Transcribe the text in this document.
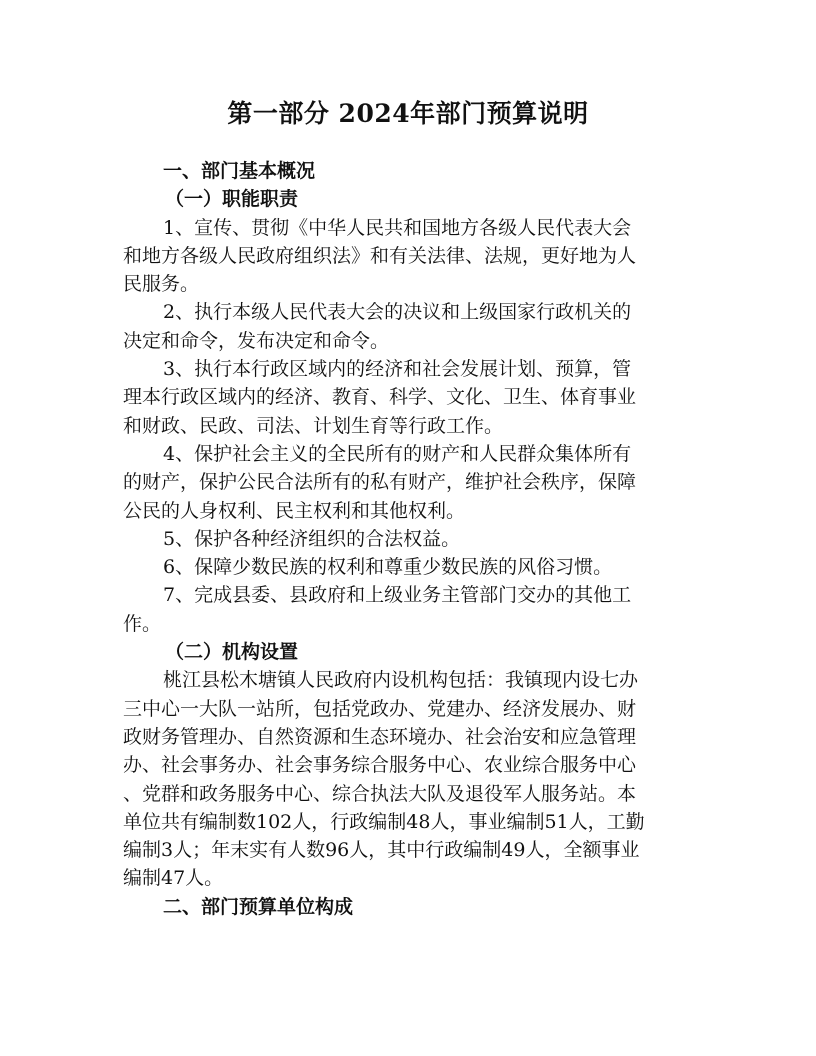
第一部分 2024年部门预算说明
一、部门基本概况
（一）职能职责
1、宣传、贯彻《中华人民共和国地方各级人民代表大会
和地方各级人民政府组织法》和有关法律、法规，更好地为人
民服务。
2、执行本级人民代表大会的决议和上级国家行政机关的
决定和命令，发布决定和命令。
3、执行本行政区域内的经济和社会发展计划、预算，管
理本行政区域内的经济、教育、科学、文化、卫生、体育事业
和财政、民政、司法、计划生育等行政工作。
4、保护社会主义的全民所有的财产和人民群众集体所有
的财产，保护公民合法所有的私有财产，维护社会秩序，保障
公民的人身权利、民主权利和其他权利。
5、保护各种经济组织的合法权益。
6、保障少数民族的权利和尊重少数民族的风俗习惯。
7、完成县委、县政府和上级业务主管部门交办的其他工
作。
（二）机构设置
桃江县松木塘镇人民政府内设机构包括：我镇现内设七办
三中心一大队一站所，包括党政办、党建办、经济发展办、财
政财务管理办、自然资源和生态环境办、社会治安和应急管理
办、社会事务办、社会事务综合服务中心、农业综合服务中心
、党群和政务服务中心、综合执法大队及退役军人服务站。本
单位共有编制数102人，行政编制48人，事业编制51人，工勤
编制3人；年末实有人数96人，其中行政编制49人，全额事业
编制47人。
二、部门预算单位构成
